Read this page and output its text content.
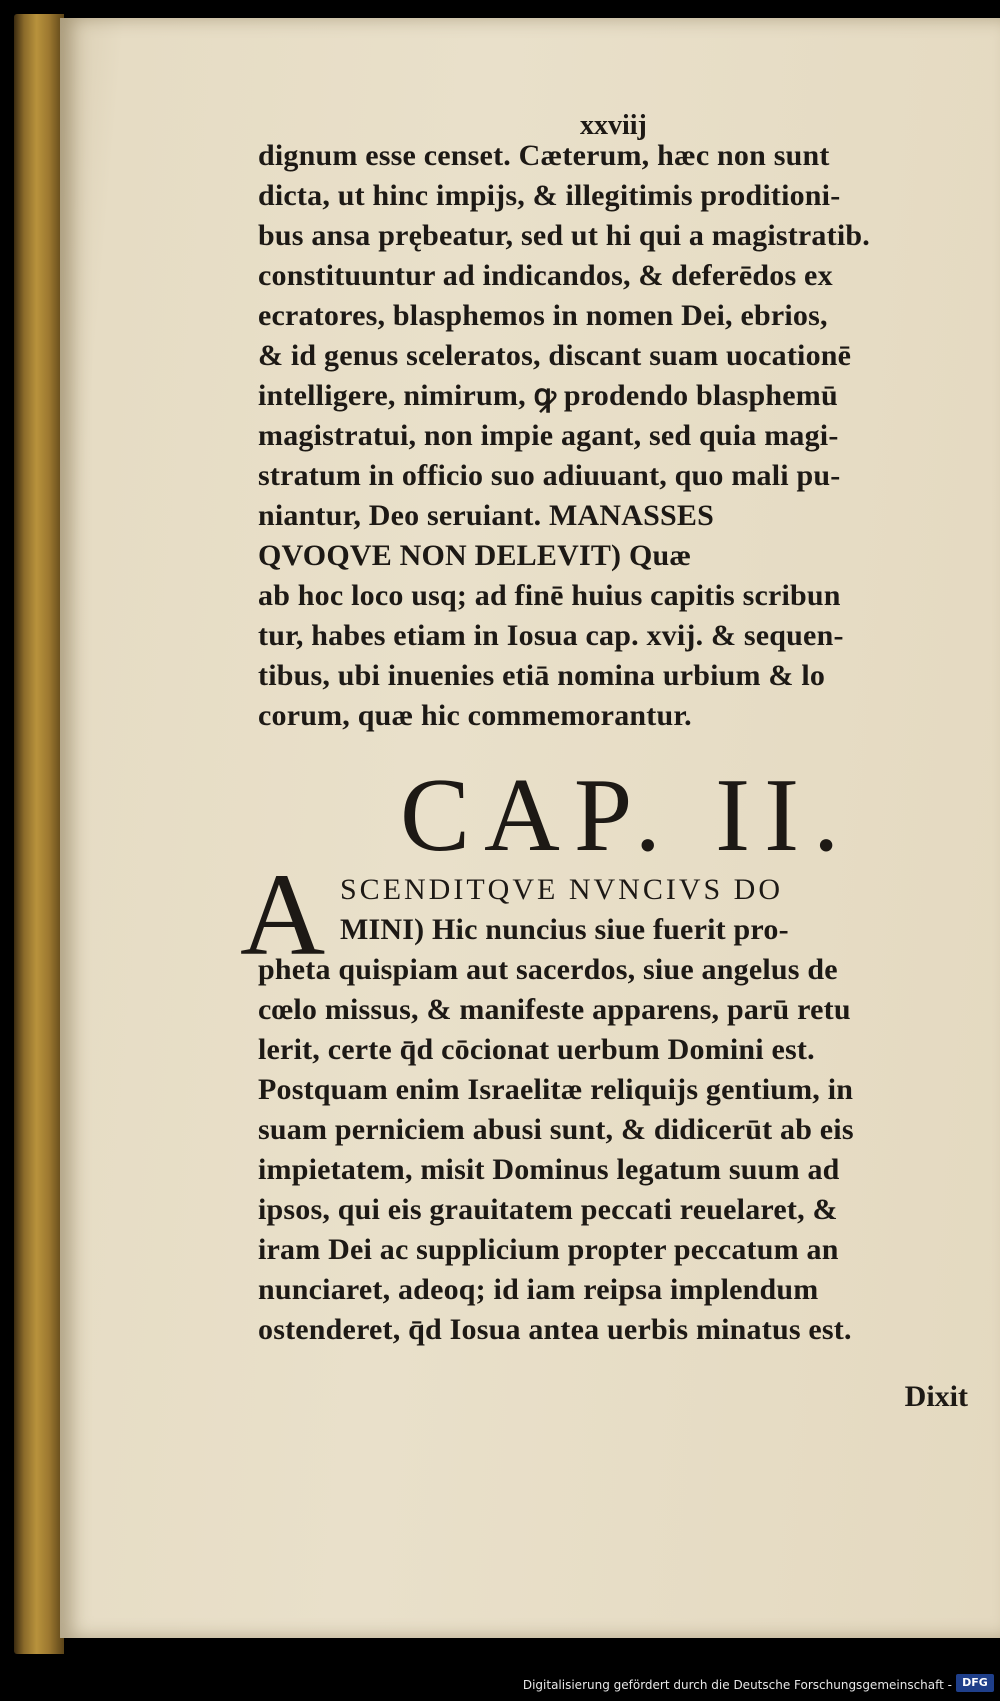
xxviij
dignum esse censet. Cæterum, hæc non sunt
dicta, ut hinc impijs, & illegitimis proditioni-
bus ansa prębeatur, sed ut hi qui a magistratib.
constituuntur ad indicandos, & deferēdos ex
ecratores, blasphemos in nomen Dei, ebrios,
& id genus sceleratos, discant suam uocationē
intelligere, nimirum, ꝙ prodendo blasphemū
magistratui, non impie agant, sed quia magi-
stratum in officio suo adiuuant, quo mali pu-
niantur, Deo seruiant. MANASSES
QVOQVE NON DELEVIT) Quæ
ab hoc loco usq; ad finē huius capitis scribun
tur, habes etiam in Iosua cap. xvij. & sequen-
tibus, ubi inuenies etiā nomina urbium & lo
corum, quæ hic commemorantur.
CAP. II.
A SCENDITQVE NVNCIVS DO
MINI) Hic nuncius siue fuerit pro-
pheta quispiam aut sacerdos, siue angelus de
cœlo missus, & manifeste apparens, parū retu
lerit, certe q̄d cōcionat uerbum Domini est.
Postquam enim Israelitæ reliquijs gentium, in
suam perniciem abusi sunt, & didicerūt ab eis
impietatem, misit Dominus legatum suum ad
ipsos, qui eis grauitatem peccati reuelaret, &
iram Dei ac supplicium propter peccatum an
nunciaret, adeoq; id iam reipsa implendum
ostenderet, q̄d Iosua antea uerbis minatus est.
Dixit
Digitalisierung gefördert durch die Deutsche Forschungsgemeinschaft - DFG
